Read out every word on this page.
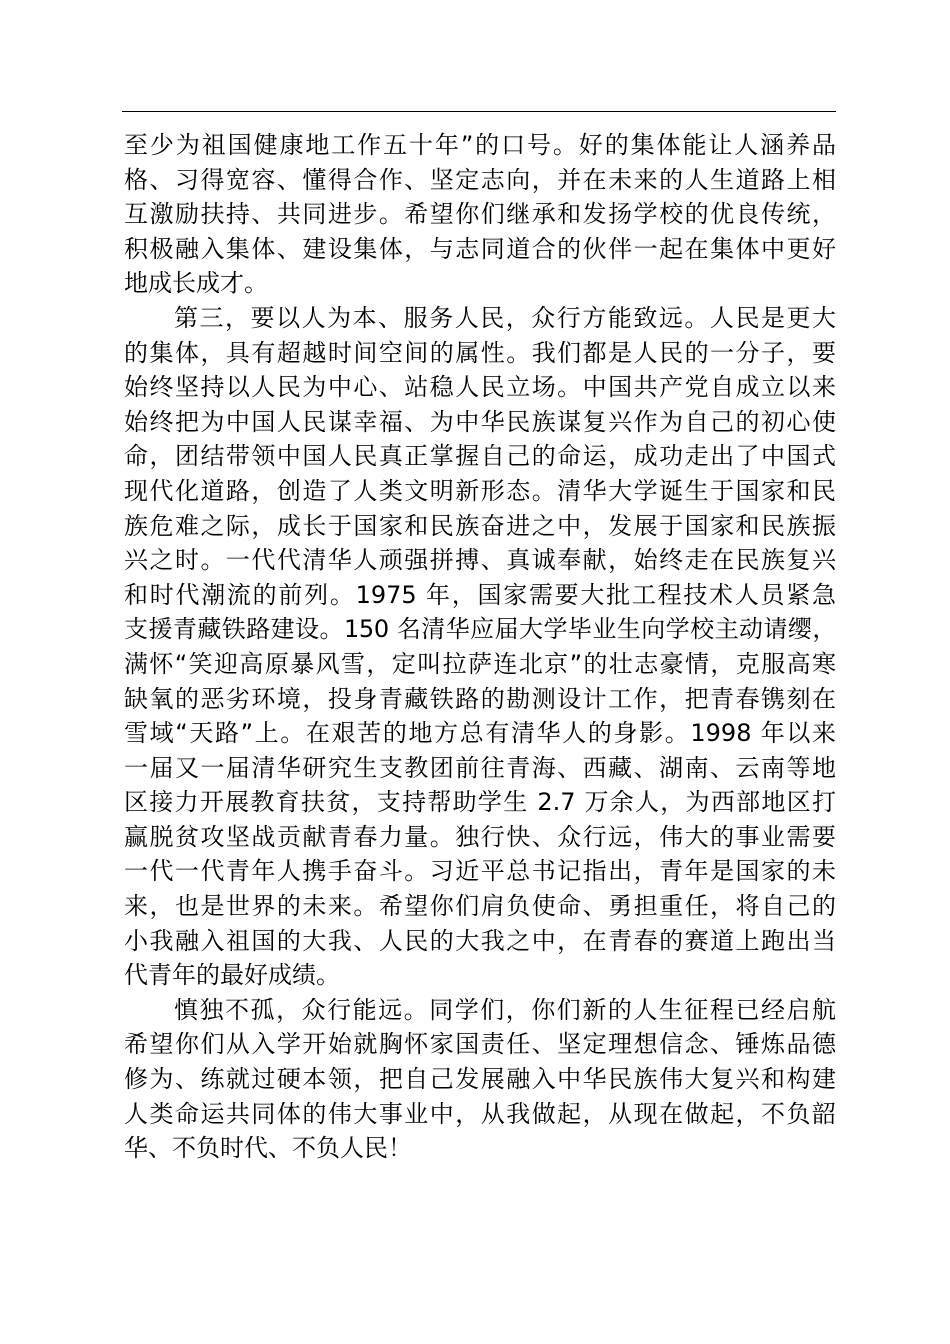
至少为祖国健康地工作五十年”的口号。好的集体能让人涵养品
格、习得宽容、懂得合作、坚定志向，并在未来的人生道路上相
互激励扶持、共同进步。希望你们继承和发扬学校的优良传统，
积极融入集体、建设集体，与志同道合的伙伴一起在集体中更好
地成长成才。
第三，要以人为本、服务人民，众行方能致远。人民是更大
的集体，具有超越时间空间的属性。我们都是人民的一分子，要
始终坚持以人民为中心、站稳人民立场。中国共产党自成立以来
始终把为中国人民谋幸福、为中华民族谋复兴作为自己的初心使
命，团结带领中国人民真正掌握自己的命运，成功走出了中国式
现代化道路，创造了人类文明新形态。清华大学诞生于国家和民
族危难之际，成长于国家和民族奋进之中，发展于国家和民族振
兴之时。一代代清华人顽强拼搏、真诚奉献，始终走在民族复兴
和时代潮流的前列。1975 年，国家需要大批工程技术人员紧急
支援青藏铁路建设。150 名清华应届大学毕业生向学校主动请缨，
满怀“笑迎高原暴风雪，定叫拉萨连北京”的壮志豪情，克服高寒
缺氧的恶劣环境，投身青藏铁路的勘测设计工作，把青春镌刻在
雪域“天路”上。在艰苦的地方总有清华人的身影。1998 年以来
一届又一届清华研究生支教团前往青海、西藏、湖南、云南等地
区接力开展教育扶贫，支持帮助学生 2.7 万余人，为西部地区打
赢脱贫攻坚战贡献青春力量。独行快、众行远，伟大的事业需要
一代一代青年人携手奋斗。习近平总书记指出，青年是国家的未
来，也是世界的未来。希望你们肩负使命、勇担重任，将自己的
小我融入祖国的大我、人民的大我之中，在青春的赛道上跑出当
代青年的最好成绩。
慎独不孤，众行能远。同学们，你们新的人生征程已经启航
希望你们从入学开始就胸怀家国责任、坚定理想信念、锤炼品德
修为、练就过硬本领，把自己发展融入中华民族伟大复兴和构建
人类命运共同体的伟大事业中，从我做起，从现在做起，不负韶
华、不负时代、不负人民！
